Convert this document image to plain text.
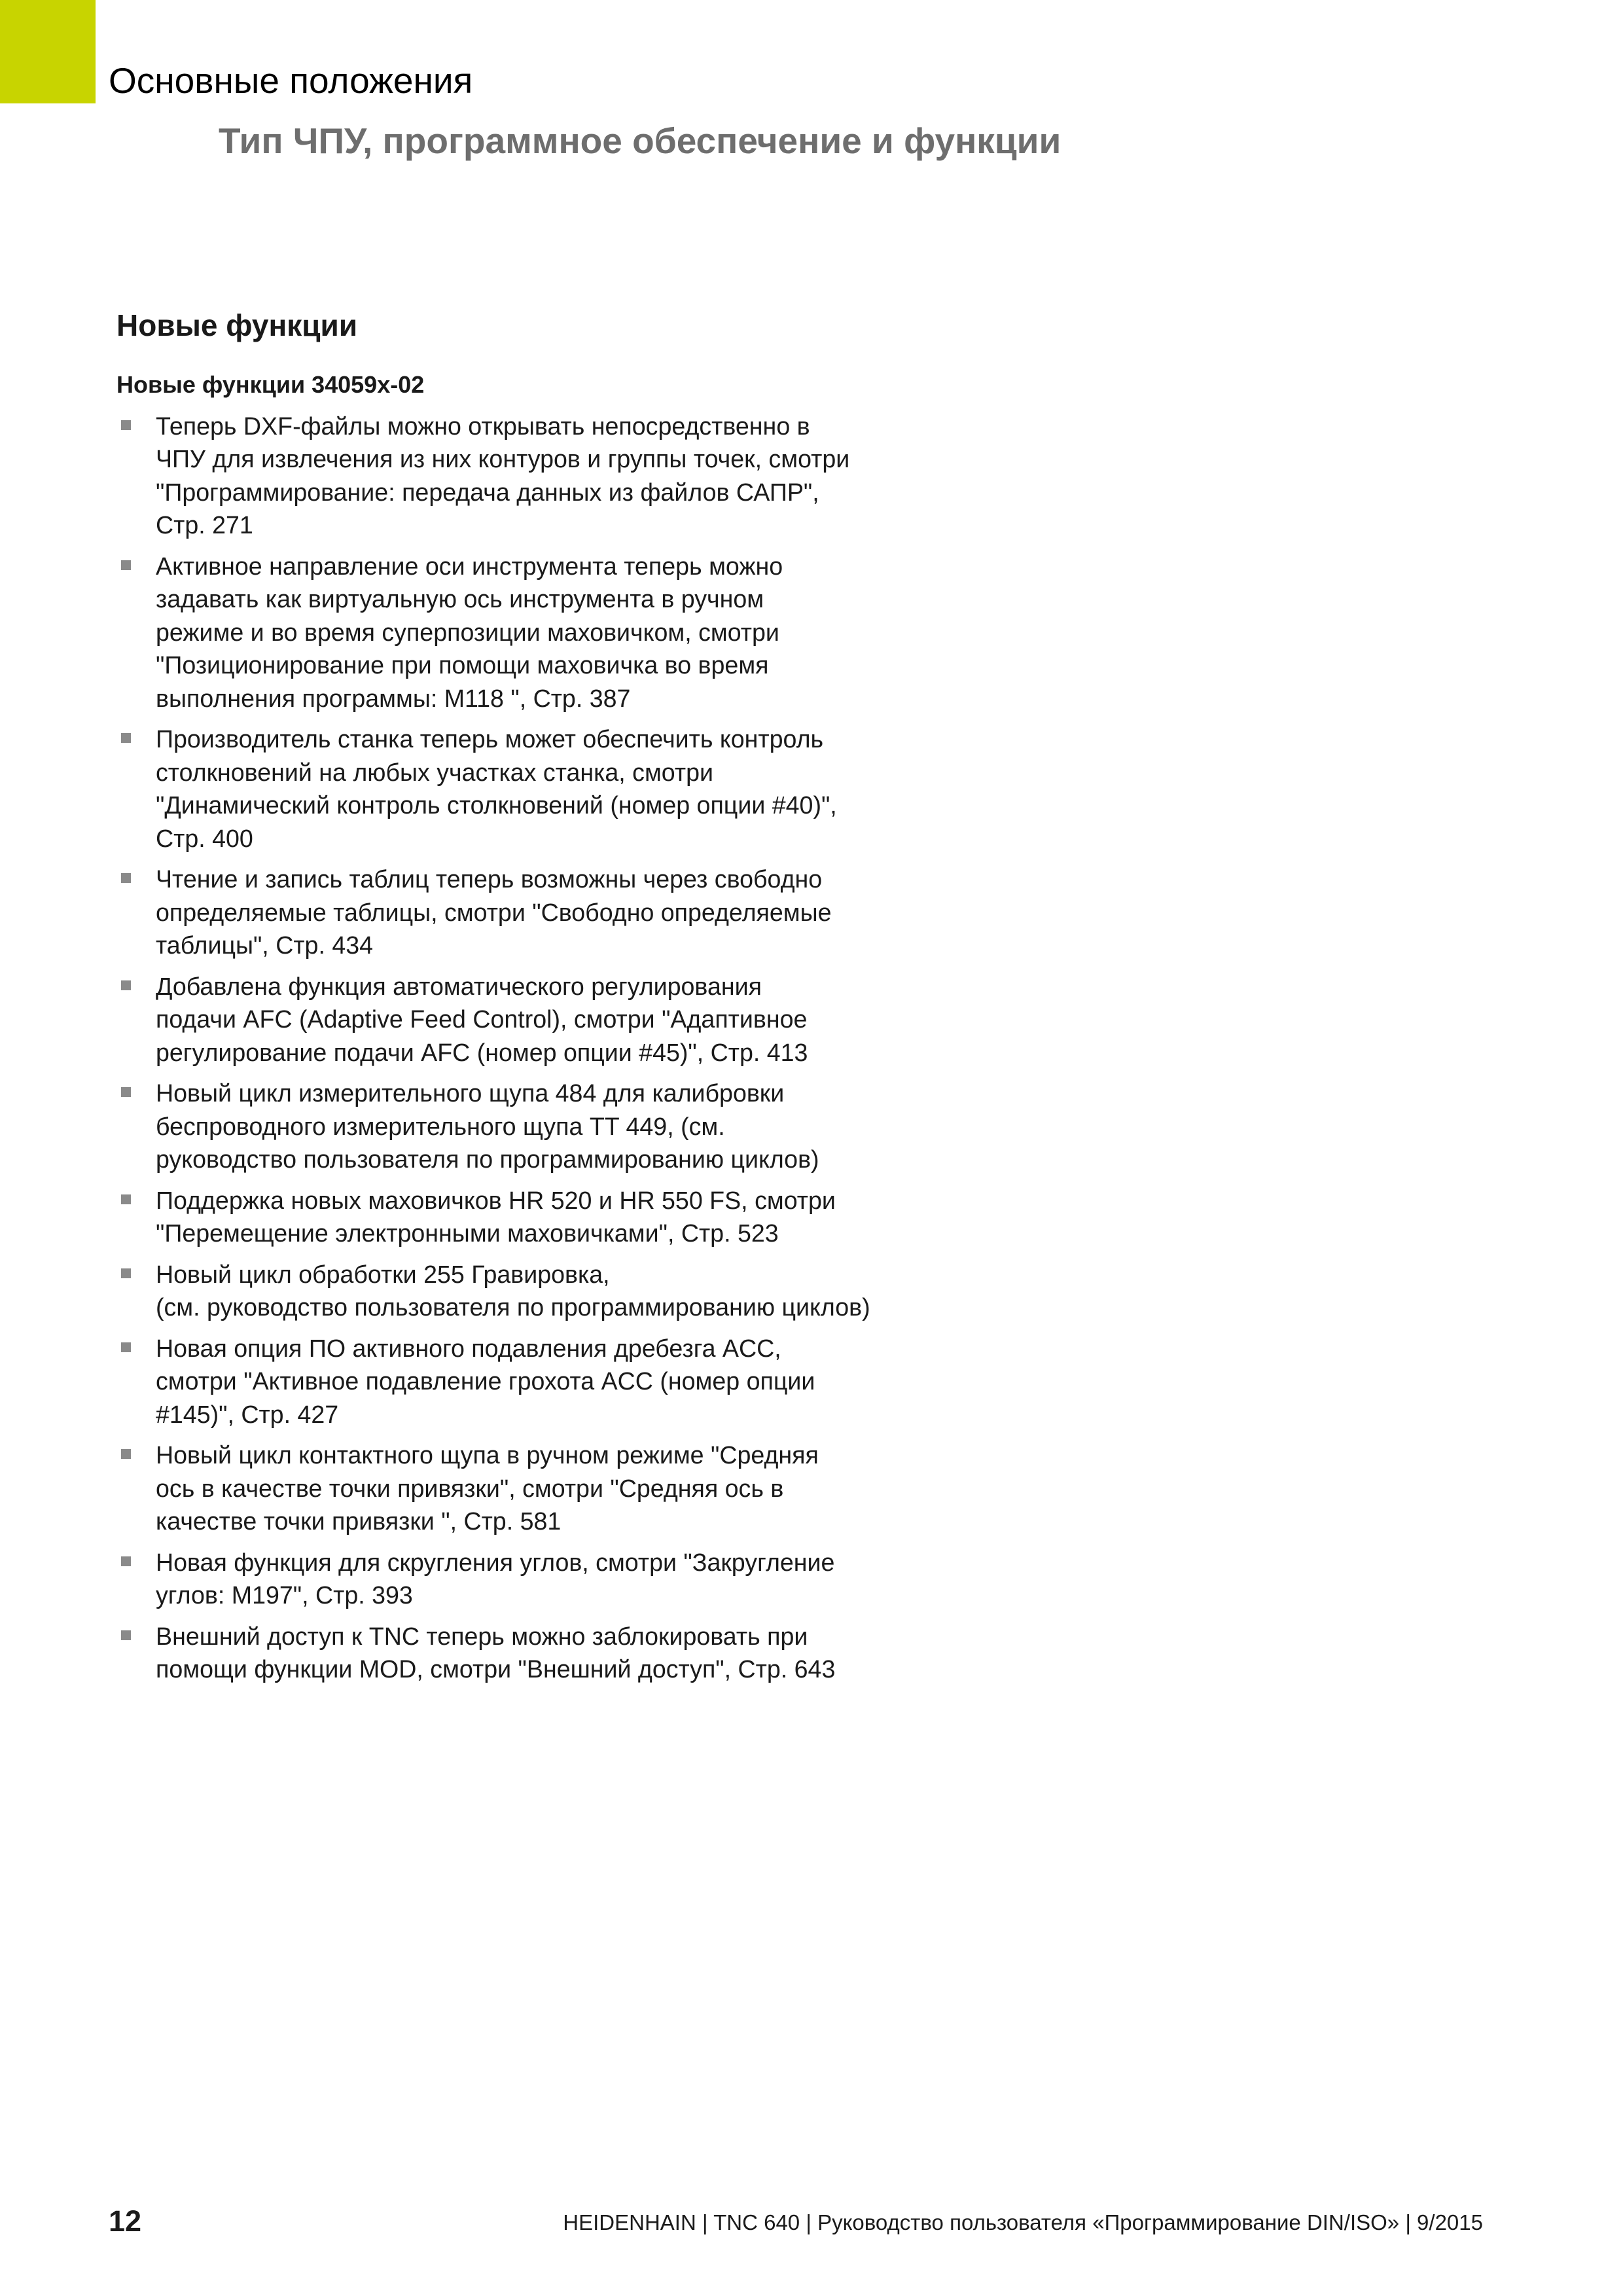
Основные положения
Тип ЧПУ, программное обеспечение и функции
Новые функции
Новые функции 34059x-02
Теперь DXF-файлы можно открывать непосредственно в
ЧПУ для извлечения из них контуров и группы точек, смотри
"Программирование: передача данных из файлов САПР",
Стр. 271
Активное направление оси инструмента теперь можно
задавать как виртуальную ось инструмента в ручном
режиме и во время суперпозиции маховичком, смотри
"Позиционирование при помощи маховичка во время
выполнения программы: M118 ", Стр. 387
Производитель станка теперь может обеспечить контроль
столкновений на любых участках станка, смотри
"Динамический контроль столкновений (номер опции #40)",
Стр. 400
Чтение и запись таблиц теперь возможны через свободно
определяемые таблицы, смотри "Свободно определяемые
таблицы", Стр. 434
Добавлена функция автоматического регулирования
подачи AFC (Adaptive Feed Control), смотри "Адаптивное
регулирование подачи AFC (номер опции #45)", Стр. 413
Новый цикл измерительного щупа 484 для калибровки
беспроводного измерительного щупа TT 449, (см.
руководство пользователя по программированию циклов)
Поддержка новых маховичков HR 520 и HR 550 FS, смотри
"Перемещение электронными маховичками", Стр. 523
Новый цикл обработки 255 Гравировка,
(см. руководство пользователя по программированию циклов)
Новая опция ПО активного подавления дребезга ACC,
смотри "Активное подавление грохота ACC (номер опции
#145)", Стр. 427
Новый цикл контактного щупа в ручном режиме "Средняя
ось в качестве точки привязки", смотри "Средняя ось в
качестве точки привязки ", Стр. 581
Новая функция для скругления углов, смотри "Закругление
углов: M197", Стр. 393
Внешний доступ к TNC теперь можно заблокировать при
помощи функции MOD, смотри "Внешний доступ", Стр. 643
12	HEIDENHAIN | TNC 640 | Руководство пользователя «Программирование DIN/ISO» | 9/2015
